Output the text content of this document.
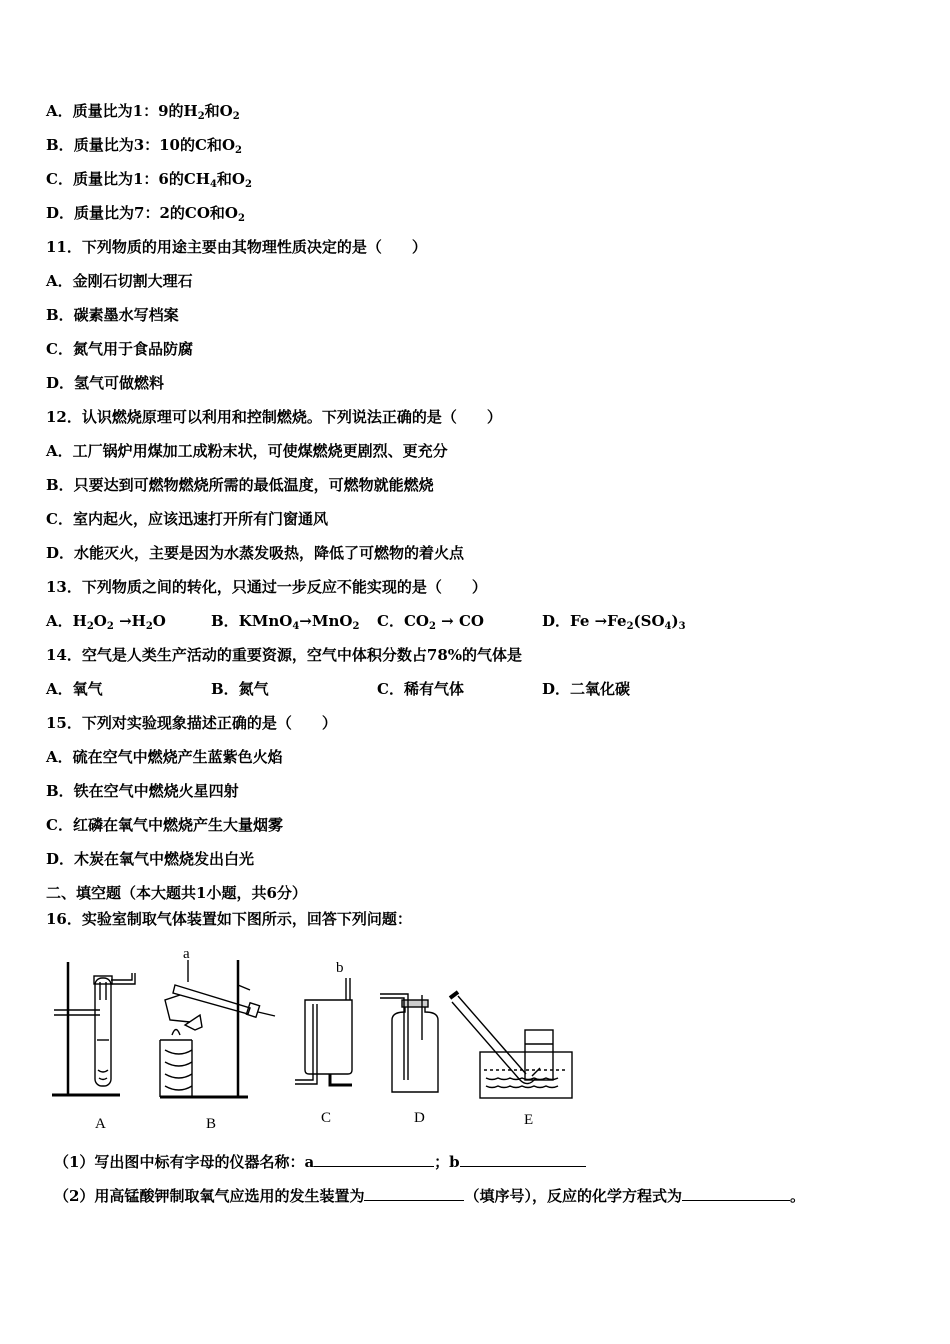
A．质量比为1：9的$H_2$和$O_2$
B．质量比为3：10的C和$O_2$
C．质量比为1：6的$CH_4$和$O_2$
D．质量比为7：2的CO和$O_2$
11．下列物质的用途主要由其物理性质决定的是（　　）
A．金刚石切割大理石
B．碳素墨水写档案
C．氮气用于食品防腐
D．氢气可做燃料
12．认识燃烧原理可以利用和控制燃烧。下列说法正确的是（　　）
A．工厂锅炉用煤加工成粉末状，可使煤燃烧更剧烈、更充分
B．只要达到可燃物燃烧所需的最低温度，可燃物就能燃烧
C．室内起火，应该迅速打开所有门窗通风
D．水能灭火，主要是因为水蒸发吸热，降低了可燃物的着火点
13．下列物质之间的转化，只通过一步反应不能实现的是（　　）
A．$H_2O_2 \to H_2O$	B．KMnO$_4$→MnO$_2$ C．$CO_2$ → CO	D．$Fe \to Fe_2(SO_4)_3$
14．空气是人类生产活动的重要资源，空气中体积分数占78%的气体是
A．氧气	B．氮气	C．稀有气体	D．二氧化碳
15．下列对实验现象描述正确的是（　　）
A．硫在空气中燃烧产生蓝紫色火焰
B．铁在空气中燃烧火星四射
C．红磷在氧气中燃烧产生大量烟雾
D．木炭在氧气中燃烧发出白光
二、填空题（本大题共1小题，共6分）
16．实验室制取气体装置如下图所示，回答下列问题：
A	B	C	D	E
a
b
（1）写出图中标有字母的仪器名称：a	；b
（2）用高锰酸钾制取氧气应选用的发生装置为	（填序号），反应的化学方程式为	。
